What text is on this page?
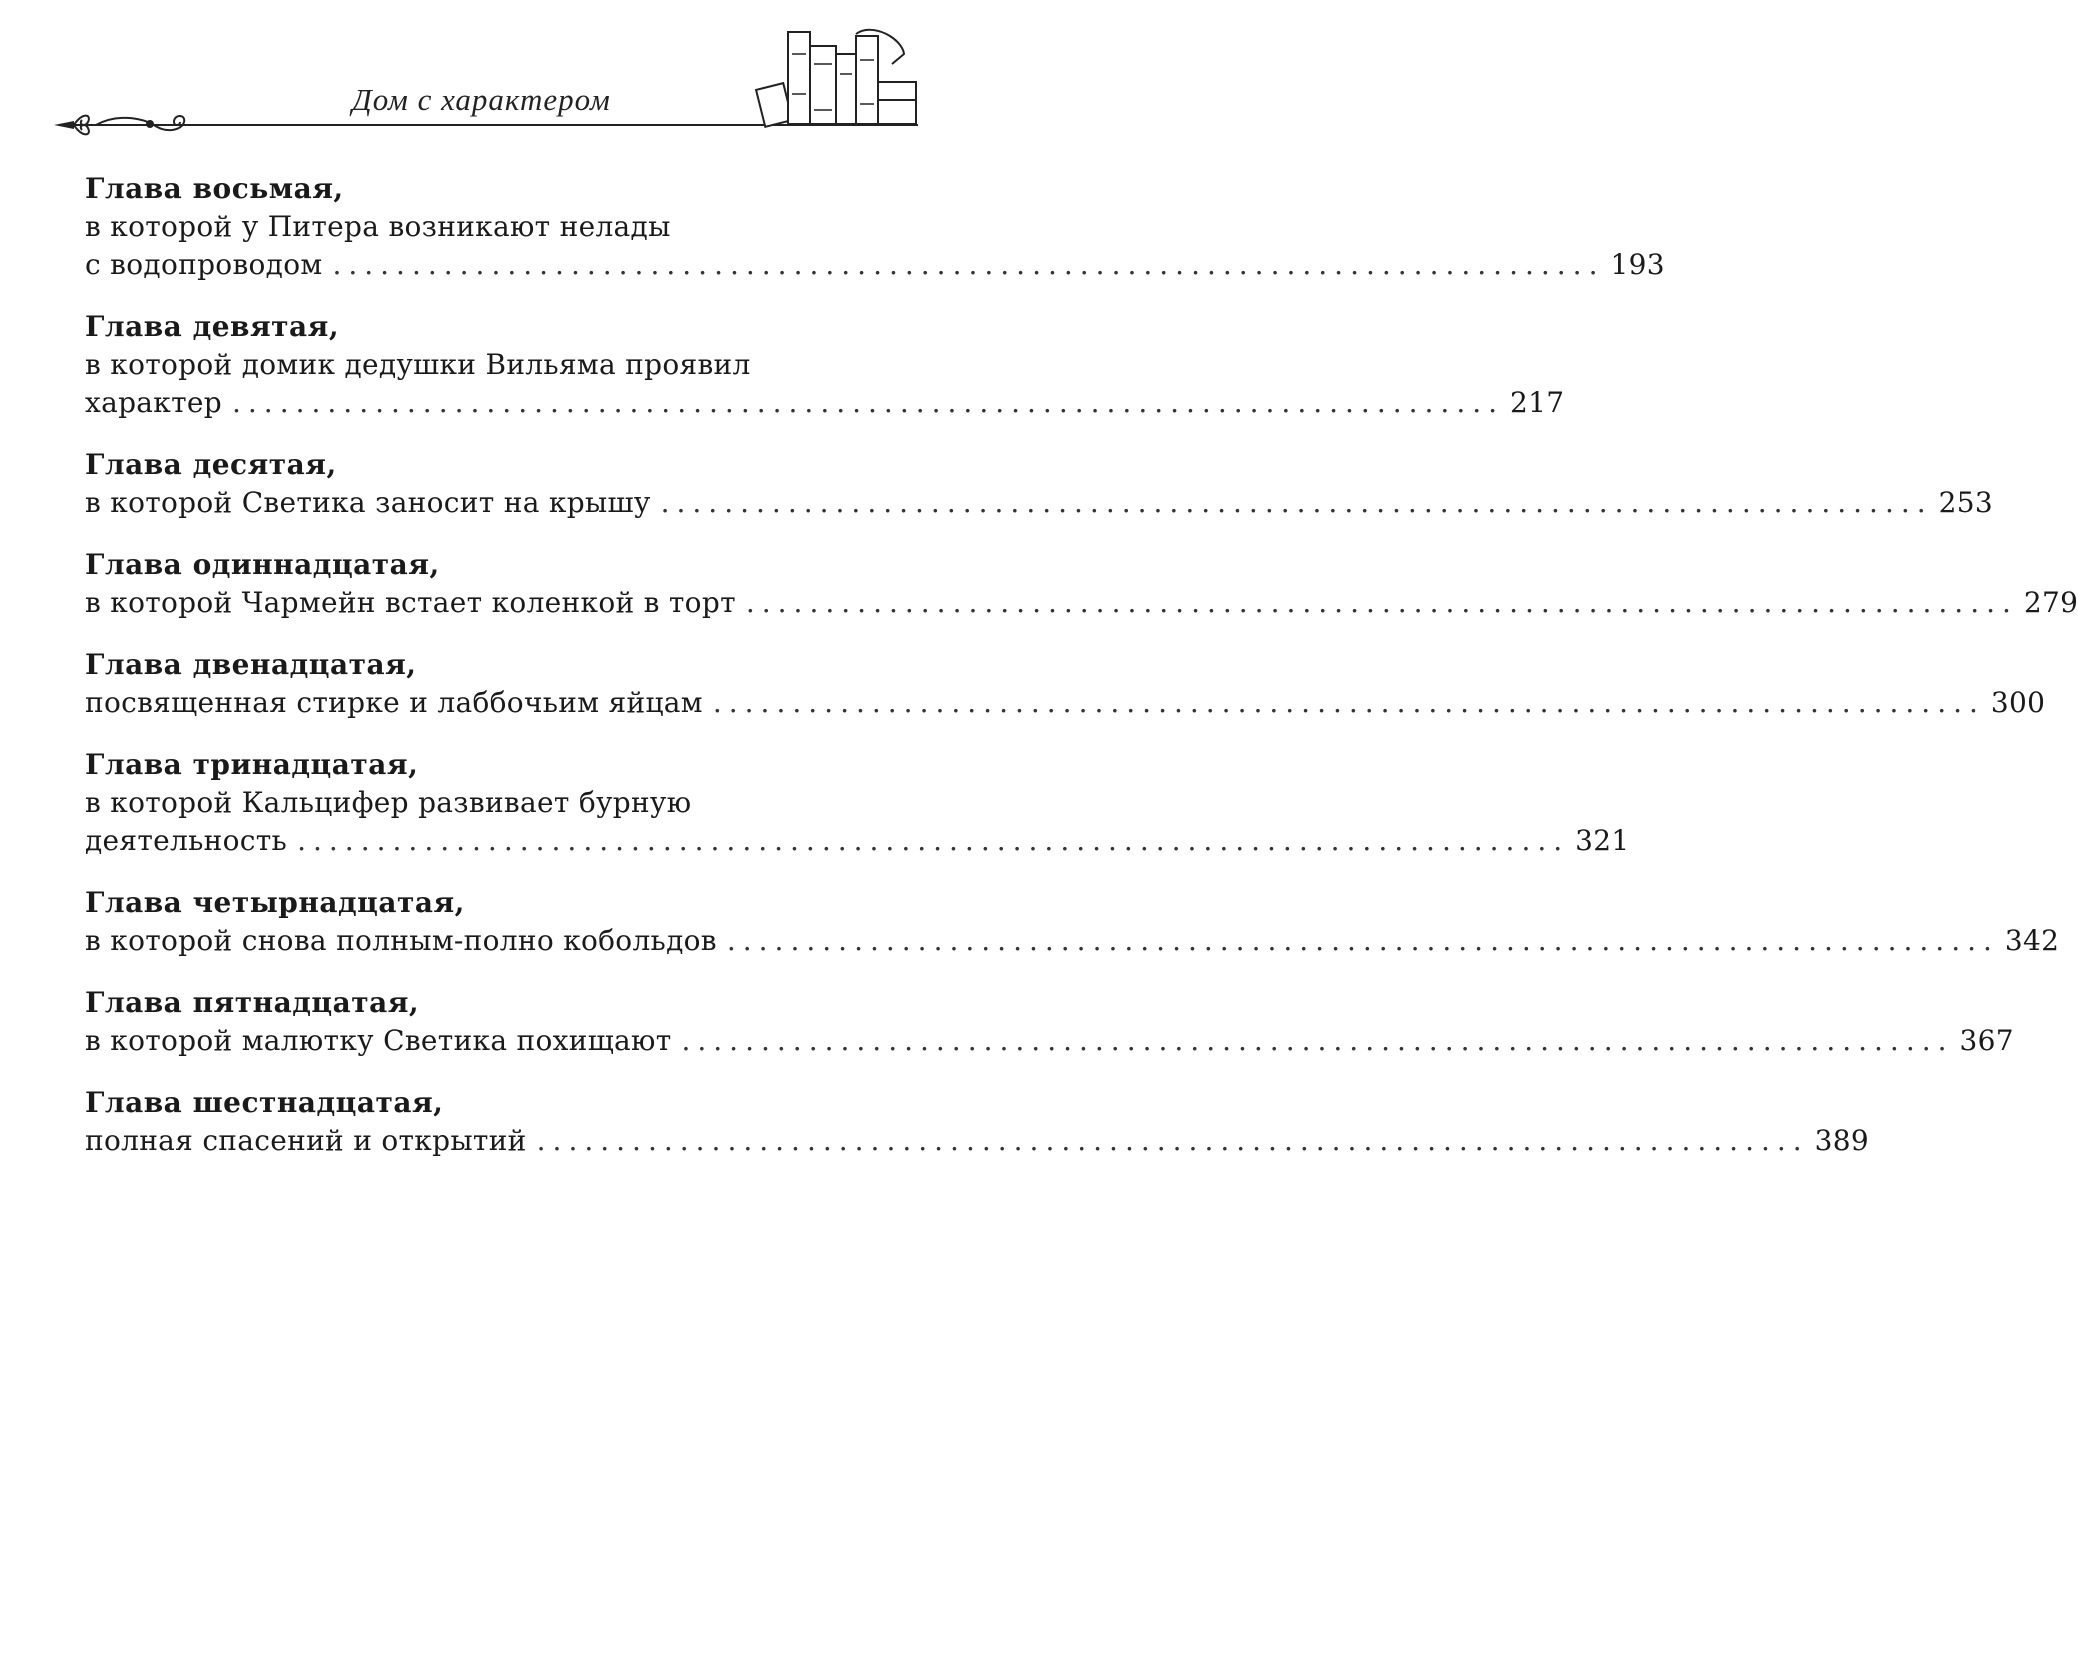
Дом с характером
Глава восьмая,
в которой у Питера возникают нелады
с водопроводом ................................................................................ 193
Глава девятая,
в которой домик дедушки Вильяма проявил
характер ................................................................................ 217
Глава десятая,
в которой Светика заносит на крышу ................................................................................ 253
Глава одиннадцатая,
в которой Чармейн встает коленкой в торт ................................................................................ 279
Глава двенадцатая,
посвященная стирке и лаббочьим яйцам ................................................................................ 300
Глава тринадцатая,
в которой Кальцифер развивает бурную
деятельность ................................................................................ 321
Глава четырнадцатая,
в которой снова полным-полно кобольдов ................................................................................ 342
Глава пятнадцатая,
в которой малютку Светика похищают ................................................................................ 367
Глава шестнадцатая,
полная спасений и открытий ................................................................................ 389
